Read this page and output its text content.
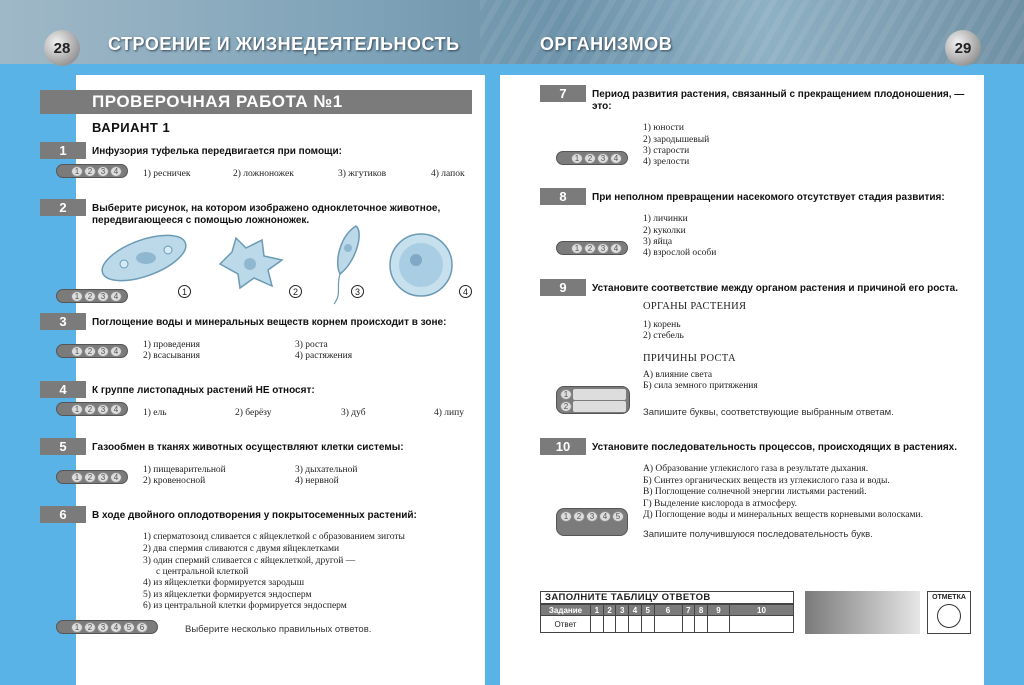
28	29
СТРОЕНИЕ И ЖИЗНЕДЕЯТЕЛЬНОСТЬ	ОРГАНИЗМОВ
ПРОВЕРОЧНАЯ РАБОТА №1
ВАРИАНТ 1
1	Инфузория туфелька передвигается при помощи:
1	2	3	4	1) ресничек	2) ложноножек	3) жгутиков	4) лапок
2	Выберите рисунок, на котором изображено одноклеточное животное, передвигающееся с помощью ложноножек.
1	2	3	4
1	2	3	4
3	Поглощение воды и минеральных веществ корнем происходит в зоне:
1	2	3	4
1) проведения
2) всасывания
3) роста
4) растяжения
4	К группе листопадных растений НЕ относят:
1	2	3	4	1) ель	2) берёзу	3) дуб	4) липу
5	Газообмен в тканях животных осуществляют клетки системы:
1	2	3	4
1) пищеварительной
2) кровеносной
3) дыхательной
4) нервной
6	В ходе двойного оплодотворения у покрытосеменных растений:
1) сперматозоид сливается с яйцеклеткой с образованием зиготы
2) два спермия сливаются с двумя яйцеклетками
3) один спермий сливается с яйцеклеткой, другой —
с центральной клеткой
4) из яйцеклетки формируется зародыш
5) из яйцеклетки формируется эндосперм
6) из центральной клетки формируется эндосперм
1	2	3	4	5	6	Выберите несколько правильных ответов.
7	Период развития растения, связанный с прекращением плодоношения, — это:
1) юности
2) зародышевый
3) старости
4) зрелости
1	2	3	4
8	При неполном превращении насекомого отсутствует стадия развития:
1) личинки
2) куколки
3) яйца
4) взрослой особи
1	2	3	4
9	Установите соответствие между органом растения и причиной его роста.
ОРГАНЫ РАСТЕНИЯ
1) корень
2) стебель
ПРИЧИНЫ РОСТА
А) влияние света
Б) сила земного притяжения
1
2
Запишите буквы, соответствующие выбранным ответам.
10	Установите последовательность процессов, происходящих в растениях.
А) Образование углекислого газа в результате дыхания.
Б) Синтез органических веществ из углекислого газа и воды.
В) Поглощение солнечной энергии листьями растений.
Г) Выделение кислорода в атмосферу.
Д) Поглощение воды и минеральных веществ корневыми волосками.
1	2	3	4	5
Запишите получившуюся последовательность букв.
ЗАПОЛНИТЕ ТАБЛИЦУ ОТВЕТОВ
Задание	1	2	3	4	5	6	7	8	9	10
Ответ										
ОТМЕТКА
